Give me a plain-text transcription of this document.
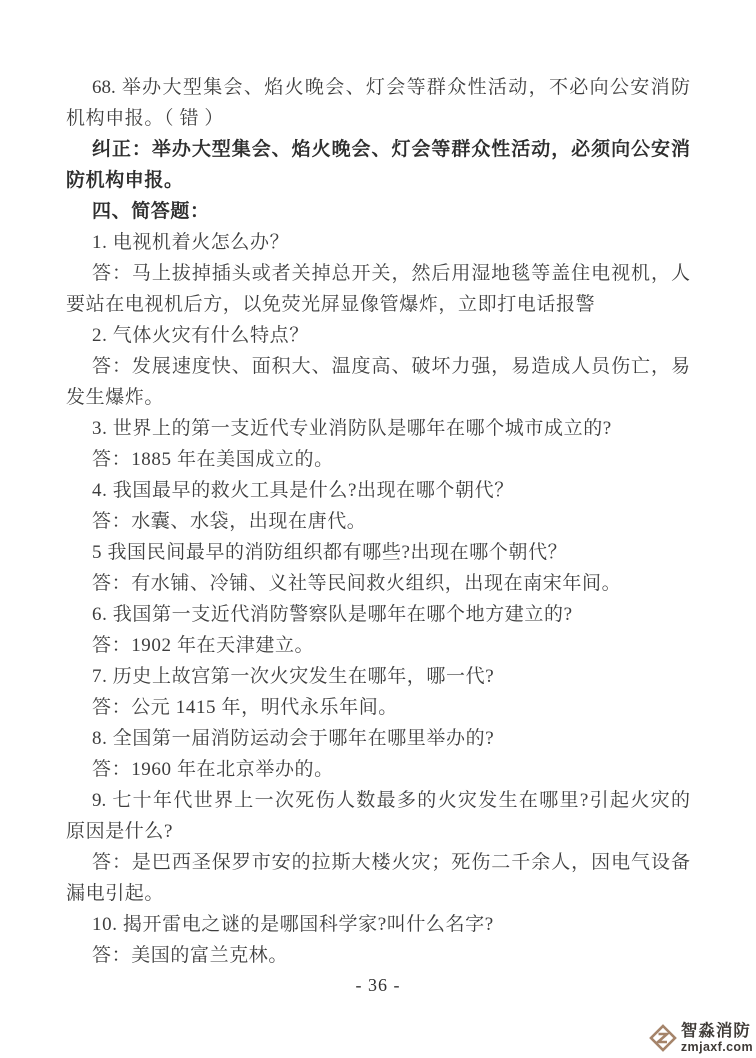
68. 举办大型集会、焰火晚会、灯会等群众性活动，不必向公安消防
机构申报。（ 错 ）
纠正：举办大型集会、焰火晚会、灯会等群众性活动，必须向公安消
防机构申报。
四、简答题：
1. 电视机着火怎么办？
答：马上拔掉插头或者关掉总开关，然后用湿地毯等盖住电视机，人
要站在电视机后方，以免荧光屏显像管爆炸，立即打电话报警
2. 气体火灾有什么特点？
答：发展速度快、面积大、温度高、破坏力强，易造成人员伤亡，易
发生爆炸。
3. 世界上的第一支近代专业消防队是哪年在哪个城市成立的?
答：1885 年在美国成立的。
4. 我国最早的救火工具是什么?出现在哪个朝代？
答：水囊、水袋，出现在唐代。
5 我国民间最早的消防组织都有哪些?出现在哪个朝代？
答：有水铺、冷铺、义社等民间救火组织，出现在南宋年间。
6. 我国第一支近代消防警察队是哪年在哪个地方建立的?
答：1902 年在天津建立。
7. 历史上故宫第一次火灾发生在哪年，哪一代?
答：公元 1415 年，明代永乐年间。
8. 全国第一届消防运动会于哪年在哪里举办的?
答：1960 年在北京举办的。
9. 七十年代世界上一次死伤人数最多的火灾发生在哪里?引起火灾的
原因是什么?
答：是巴西圣保罗市安的拉斯大楼火灾；死伤二千余人，因电气设备
漏电引起。
10. 揭开雷电之谜的是哪国科学家?叫什么名字?
答：美国的富兰克林。
- 36 -
智淼消防
zmjaxf.com
